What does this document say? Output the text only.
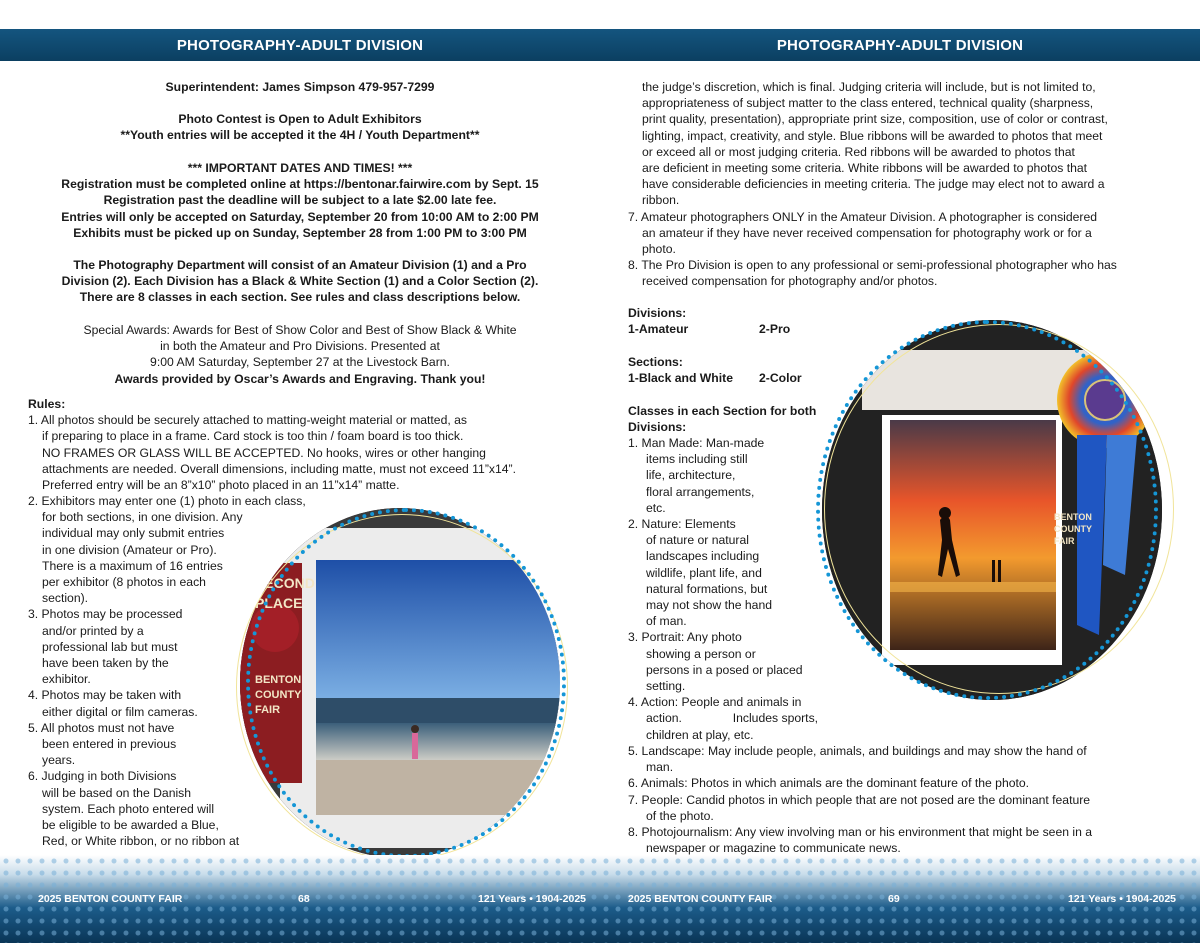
PHOTOGRAPHY-ADULT DIVISION
Superintendent: James Simpson 479-957-7299
Photo Contest is Open to Adult Exhibitors
**Youth entries will be accepted it the 4H / Youth Department**
*** IMPORTANT DATES AND TIMES! ***
Registration must be completed online at https://bentonar.fairwire.com by Sept. 15
Registration past the deadline will be subject to a late $2.00 late fee.
Entries will only be accepted on Saturday, September 20 from 10:00 AM to 2:00 PM
Exhibits must be picked up on Sunday, September 28 from 1:00 PM to 3:00 PM
The Photography Department will consist of an Amateur Division (1) and a Pro
Division (2). Each Division has a Black & White Section (1) and a Color Section (2).
There are 8 classes in each section. See rules and class descriptions below.
Special Awards: Awards for Best of Show Color and Best of Show Black & White
in both the Amateur and Pro Divisions. Presented at
9:00 AM Saturday, September 27 at the Livestock Barn.
Awards provided by Oscar’s Awards and Engraving. Thank you!
SECOND
PLACE
BENTON
COUNTY
FAIR
Rules:
1. All photos should be securely attached to matting-weight material or matted, as
if preparing to place in a frame. Card stock is too thin / foam board is too thick.
NO FRAMES OR GLASS WILL BE ACCEPTED. No hooks, wires or other hanging
attachments are needed. Overall dimensions, including matte, must not exceed 11”x14”.
Preferred entry will be an 8”x10” photo placed in an 11”x14” matte.
2. Exhibitors may enter one (1) photo in each class,
for both sections, in one division. Any
individual may only submit entries
in one division (Amateur or Pro).
There is a maximum of 16 entries
per exhibitor (8 photos in each
section).
3. Photos may be processed
and/or printed by a
professional lab but must
have been taken by the
exhibitor.
4. Photos may be taken with
either digital or film cameras.
5. All photos must not have
been entered in previous
years.
6. Judging in both Divisions
will be based on the Danish
system. Each photo entered will
be eligible to be awarded a Blue,
Red, or White ribbon, or no ribbon at
2025 BENTON COUNTY FAIR	68	121 Years • 1904-2025
PHOTOGRAPHY-ADULT DIVISION
BENTON
COUNTY
FAIR
the judge’s discretion, which is final. Judging criteria will include, but is not limited to,
appropriateness of subject matter to the class entered, technical quality (sharpness,
print quality, presentation), appropriate print size, composition, use of color or contrast,
lighting, impact, creativity, and style. Blue ribbons will be awarded to photos that meet
or exceed all or most judging criteria. Red ribbons will be awarded to photos that
are deficient in meeting some criteria. White ribbons will be awarded to photos that
have considerable deficiencies in meeting criteria. The judge may elect not to award a
ribbon.
7. Amateur photographers ONLY in the Amateur Division. A photographer is considered
an amateur if they have never received compensation for photography work or for a
photo.
8. The Pro Division is open to any professional or semi-professional photographer who has
received compensation for photography and/or photos.
Divisions:
1-Amateur	2-Pro
Sections:
1-Black and White 2-Color
Classes in each Section for both
Divisions:
1. Man Made: Man-made
items including still
life, architecture,
floral arrangements,
etc.
2. Nature: Elements
of nature or natural
landscapes including
wildlife, plant life, and
natural formations, but
may not show the hand
of man.
3. Portrait: Any photo
showing a person or
persons in a posed or placed
setting.
4. Action: People and animals in
action.               Includes sports,
children at play, etc.
5. Landscape: May include people, animals, and buildings and may show the hand of
man.
6. Animals: Photos in which animals are the dominant feature of the photo.
7. People: Candid photos in which people that are not posed are the dominant feature
of the photo.
8. Photojournalism: Any view involving man or his environment that might be seen in a
newspaper or magazine to communicate news.
2025 BENTON COUNTY FAIR	69	121 Years • 1904-2025
